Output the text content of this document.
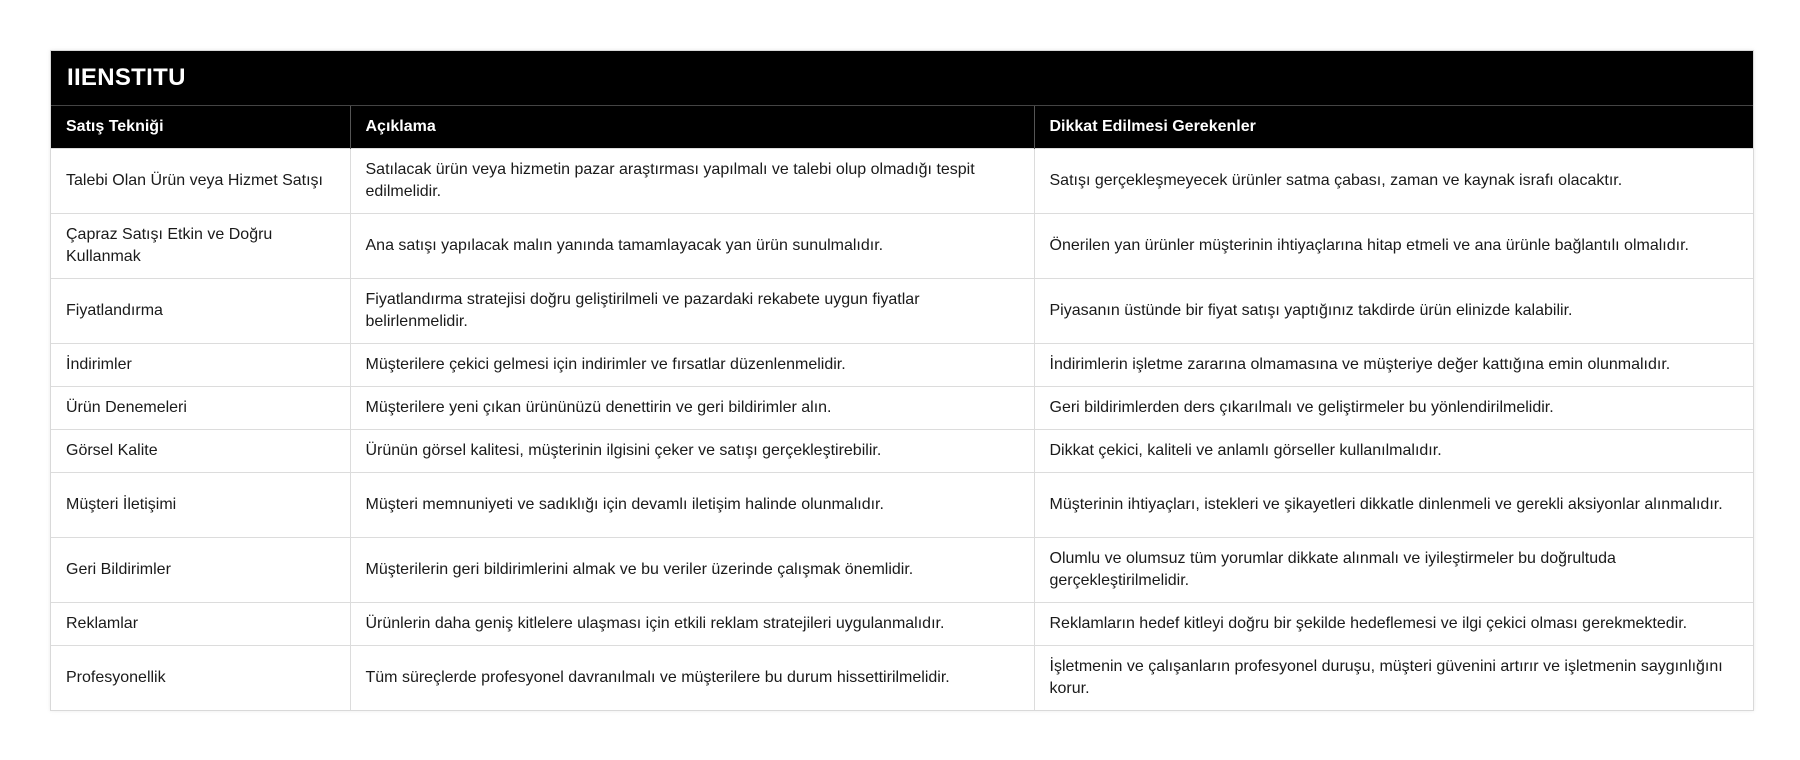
IIENSTITU
Satış Tekniği	Açıklama	Dikkat Edilmesi Gerekenler
Talebi Olan Ürün veya Hizmet Satışı	Satılacak ürün veya hizmetin pazar araştırması yapılmalı ve talebi olup olmadığı tespit edilmelidir.	Satışı gerçekleşmeyecek ürünler satma çabası, zaman ve kaynak israfı olacaktır.
Çapraz Satışı Etkin ve Doğru Kullanmak	Ana satışı yapılacak malın yanında tamamlayacak yan ürün sunulmalıdır.	Önerilen yan ürünler müşterinin ihtiyaçlarına hitap etmeli ve ana ürünle bağlantılı olmalıdır.
Fiyatlandırma	Fiyatlandırma stratejisi doğru geliştirilmeli ve pazardaki rekabete uygun fiyatlar belirlenmelidir.	Piyasanın üstünde bir fiyat satışı yaptığınız takdirde ürün elinizde kalabilir.
İndirimler	Müşterilere çekici gelmesi için indirimler ve fırsatlar düzenlenmelidir.	İndirimlerin işletme zararına olmamasına ve müşteriye değer kattığına emin olunmalıdır.
Ürün Denemeleri	Müşterilere yeni çıkan ürününüzü denettirin ve geri bildirimler alın.	Geri bildirimlerden ders çıkarılmalı ve geliştirmeler bu yönlendirilmelidir.
Görsel Kalite	Ürünün görsel kalitesi, müşterinin ilgisini çeker ve satışı gerçekleştirebilir.	Dikkat çekici, kaliteli ve anlamlı görseller kullanılmalıdır.
Müşteri İletişimi	Müşteri memnuniyeti ve sadıklığı için devamlı iletişim halinde olunmalıdır.	Müşterinin ihtiyaçları, istekleri ve şikayetleri dikkatle dinlenmeli ve gerekli aksiyonlar alınmalıdır.
Geri Bildirimler	Müşterilerin geri bildirimlerini almak ve bu veriler üzerinde çalışmak önemlidir.	Olumlu ve olumsuz tüm yorumlar dikkate alınmalı ve iyileştirmeler bu doğrultuda gerçekleştirilmelidir.
Reklamlar	Ürünlerin daha geniş kitlelere ulaşması için etkili reklam stratejileri uygulanmalıdır.	Reklamların hedef kitleyi doğru bir şekilde hedeflemesi ve ilgi çekici olması gerekmektedir.
Profesyonellik	Tüm süreçlerde profesyonel davranılmalı ve müşterilere bu durum hissettirilmelidir.	İşletmenin ve çalışanların profesyonel duruşu, müşteri güvenini artırır ve işletmenin saygınlığını korur.
